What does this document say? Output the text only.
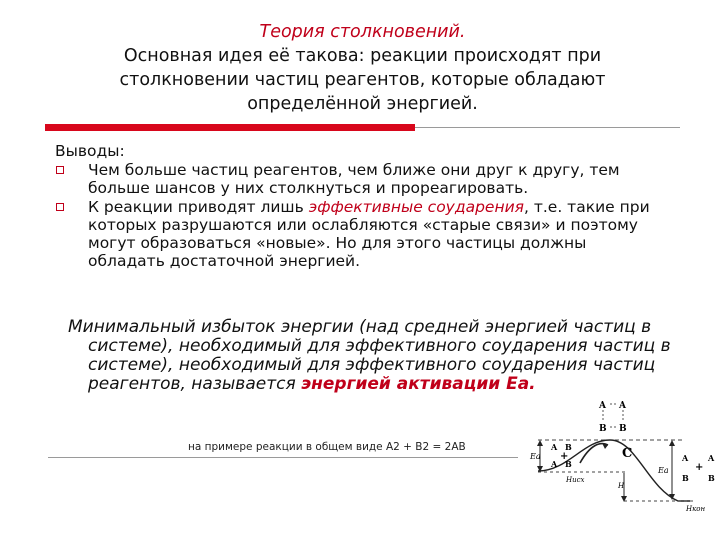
Теория столкновений.
Основная идея её такова: реакции происходят при
столкновении частиц реагентов, которые обладают
определённой энергией.
Выводы:
Чем больше частиц реагентов, чем ближе они друг к другу, тем больше шансов у них столкнуться и прореагировать.
К реакции приводят лишь эффективные соударения, т.е. такие при которых разрушаются или ослабляются «старые связи» и поэтому могут образоваться «новые». Но для этого частицы должны обладать достаточной энергией.
Минимальный избыток энергии (над средней энергией частиц в системе), необходимый для эффективного соударения частиц в системе), необходимый для эффективного соударения частиц реагентов, называется энергией активации Еа.
на примере реакции в общем виде А2 + В2 = 2АВ
A A
B B
C
Ea
A B
+
A B
Hисх
Ea
A A
+
B B
H
Hкон
